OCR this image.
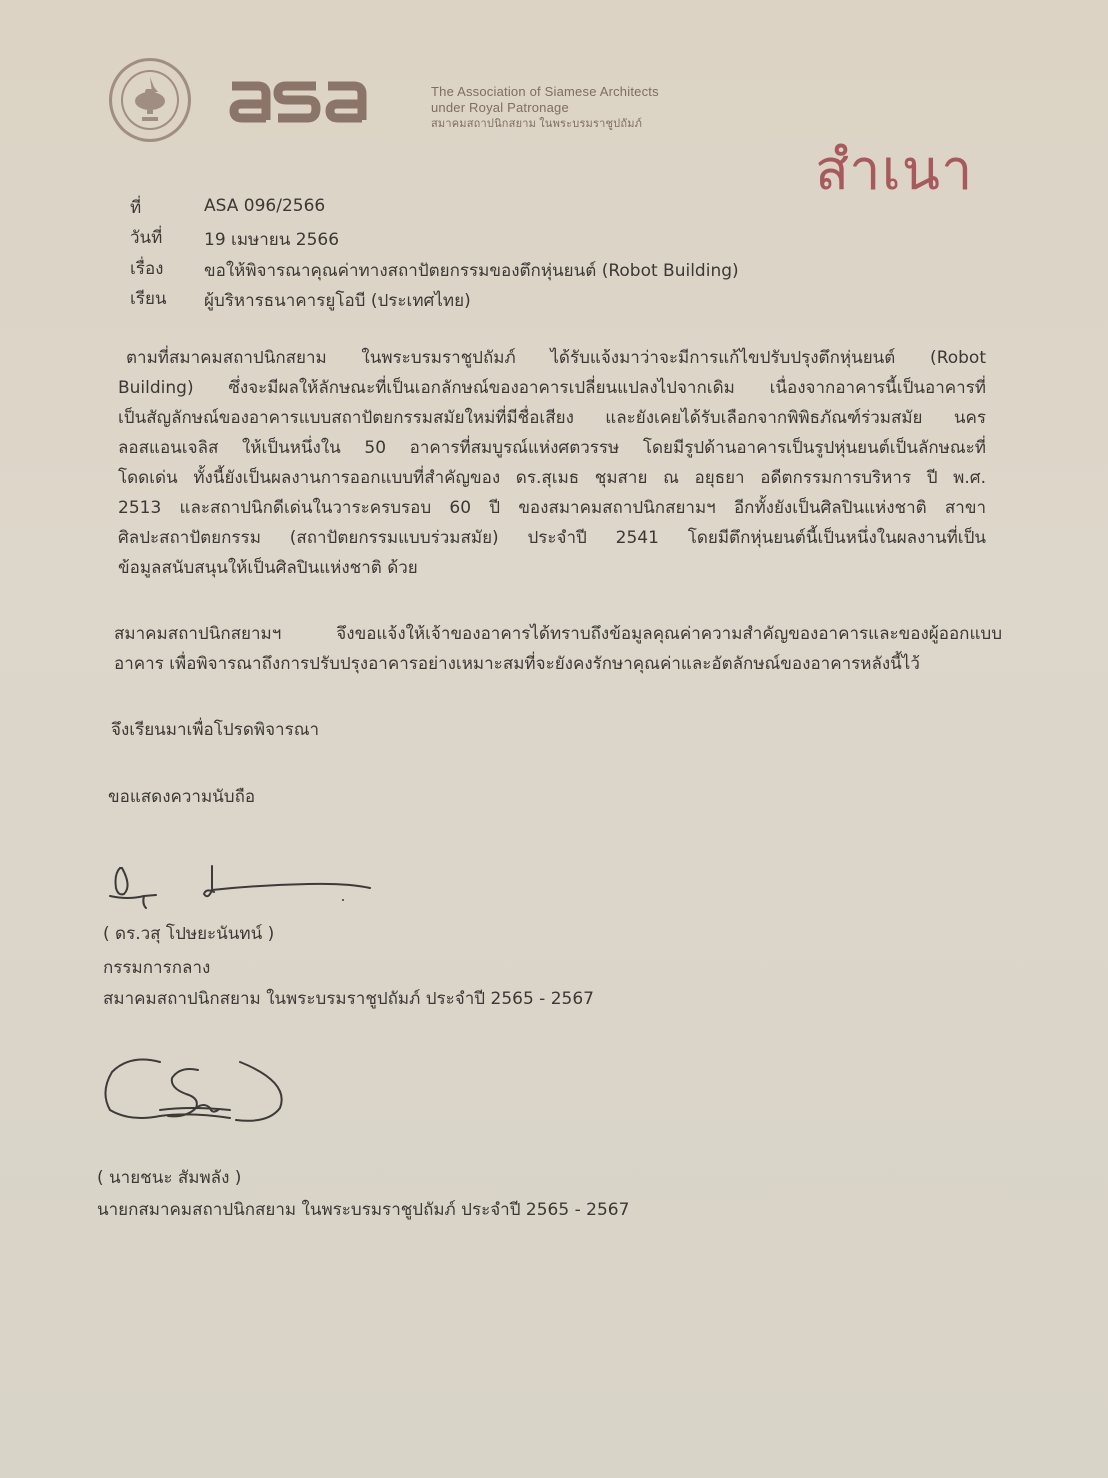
The Association of Siamese Architects
under Royal Patronage
สมาคมสถาปนิกสยาม ในพระบรมราชูปถัมภ์
สำเนา
ที่	ASA 096/2566
วันที่ 19 เมษายน 2566
เรื่อง ขอให้พิจารณาคุณค่าทางสถาปัตยกรรมของตึกหุ่นยนต์ (Robot Building)
เรียน ผู้บริหารธนาคารยูโอบี (ประเทศไทย)
ตามที่สมาคมสถาปนิกสยาม ในพระบรมราชูปถัมภ์ ได้รับแจ้งมาว่าจะมีการแก้ไขปรับปรุงตึกหุ่นยนต์ (Robot
Building) ซึ่งจะมีผลให้ลักษณะที่เป็นเอกลักษณ์ของอาคารเปลี่ยนแปลงไปจากเดิม เนื่องจากอาคารนี้เป็นอาคารที่
เป็นสัญลักษณ์ของอาคารแบบสถาปัตยกรรมสมัยใหม่ที่มีชื่อเสียง และยังเคยได้รับเลือกจากพิพิธภัณฑ์ร่วมสมัย นคร
ลอสแอนเจลิส ให้เป็นหนึ่งใน 50 อาคารที่สมบูรณ์แห่งศตวรรษ โดยมีรูปด้านอาคารเป็นรูปหุ่นยนต์เป็นลักษณะที่
โดดเด่น ทั้งนี้ยังเป็นผลงานการออกแบบที่สำคัญของ ดร.สุเมธ ชุมสาย ณ อยุธยา อดีตกรรมการบริหาร ปี พ.ศ.
2513 และสถาปนิกดีเด่นในวาระครบรอบ 60 ปี ของสมาคมสถาปนิกสยามฯ อีกทั้งยังเป็นศิลปินแห่งชาติ สาขา
ศิลปะสถาปัตยกรรม (สถาปัตยกรรมแบบร่วมสมัย) ประจำปี 2541 โดยมีตึกหุ่นยนต์นี้เป็นหนึ่งในผลงานที่เป็น
ข้อมูลสนับสนุนให้เป็นศิลปินแห่งชาติ ด้วย
สมาคมสถาปนิกสยามฯ จึงขอแจ้งให้เจ้าของอาคารได้ทราบถึงข้อมูลคุณค่าความสำคัญของอาคารและของผู้ออกแบบ
อาคาร เพื่อพิจารณาถึงการปรับปรุงอาคารอย่างเหมาะสมที่จะยังคงรักษาคุณค่าและอัตลักษณ์ของอาคารหลังนี้ไว้
จึงเรียนมาเพื่อโปรดพิจารณา
ขอแสดงความนับถือ
( ดร.วสุ โปษยะนันทน์ )
กรรมการกลาง
สมาคมสถาปนิกสยาม ในพระบรมราชูปถัมภ์ ประจำปี 2565 - 2567
( นายชนะ สัมพลัง )
นายกสมาคมสถาปนิกสยาม ในพระบรมราชูปถัมภ์ ประจำปี 2565 - 2567
